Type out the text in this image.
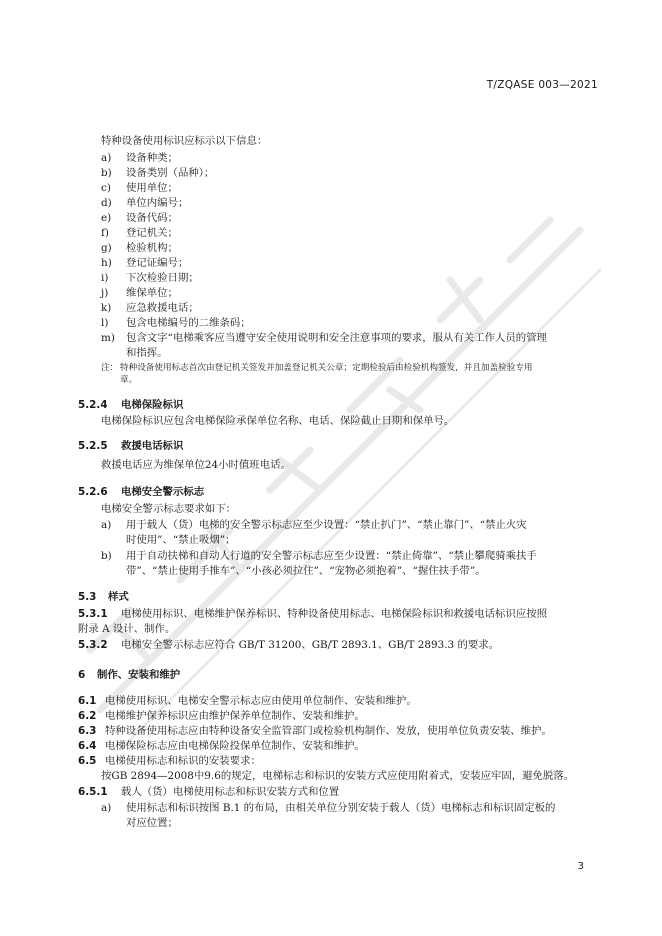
T/ZQASE 003—2021
特种设备使用标识应标示以下信息：
a) 设备种类；
b) 设备类别（品种）；
c) 使用单位；
d) 单位内编号；
e) 设备代码；
f) 登记机关；
g) 检验机构；
h) 登记证编号；
i) 下次检验日期；
j) 维保单位；
k) 应急救援电话；
l) 包含电梯编号的二维条码；
m) 包含文字“电梯乘客应当遵守安全使用说明和安全注意事项的要求，服从有关工作人员的管理
和指挥。
注： 特种设备使用标志首次由登记机关签发并加盖登记机关公章；定期检验后由检验机构签发，并且加盖检验专用
章。
5.2.4 电梯保险标识
电梯保险标识应包含电梯保险承保单位名称、电话、保险截止日期和保单号。
5.2.5 救援电话标识
救援电话应为维保单位24小时值班电话。
5.2.6 电梯安全警示标志
电梯安全警示标志要求如下：
a) 用于载人（货）电梯的安全警示标志应至少设置：“禁止扒门”、“禁止靠门”、“禁止火灾
时使用”、“禁止吸烟”；
b) 用于自动扶梯和自动人行道的安全警示标志应至少设置：“禁止倚靠”、“禁止攀爬骑乘扶手
带”、“禁止使用手推车”、“小孩必须拉住”、“宠物必须抱着”、“握住扶手带”。
5.3 样式
5.3.1 电梯使用标识、电梯维护保养标识、特种设备使用标志、电梯保险标识和救援电话标识应按照
附录 A 设计、制作。
5.3.2 电梯安全警示标志应符合 GB/T 31200、GB/T 2893.1、GB/T 2893.3 的要求。
6 制作、安装和维护
6.1 电梯使用标识、电梯安全警示标志应由使用单位制作、安装和维护。
6.2 电梯维护保养标识应由维护保养单位制作、安装和维护。
6.3 特种设备使用标志应由特种设备安全监管部门或检验机构制作、发放，使用单位负责安装、维护。
6.4 电梯保险标志应由电梯保险投保单位制作、安装和维护。
6.5 电梯使用标志和标识的安装要求：
按GB 2894—2008中9.6的规定，电梯标志和标识的安装方式应使用附着式，安装应牢固，避免脱落。
6.5.1 载人（货）电梯使用标志和标识安装方式和位置
a) 使用标志和标识按图 B.1 的布局，由相关单位分别安装于载人（货）电梯标志和标识固定板的
对应位置；
3
